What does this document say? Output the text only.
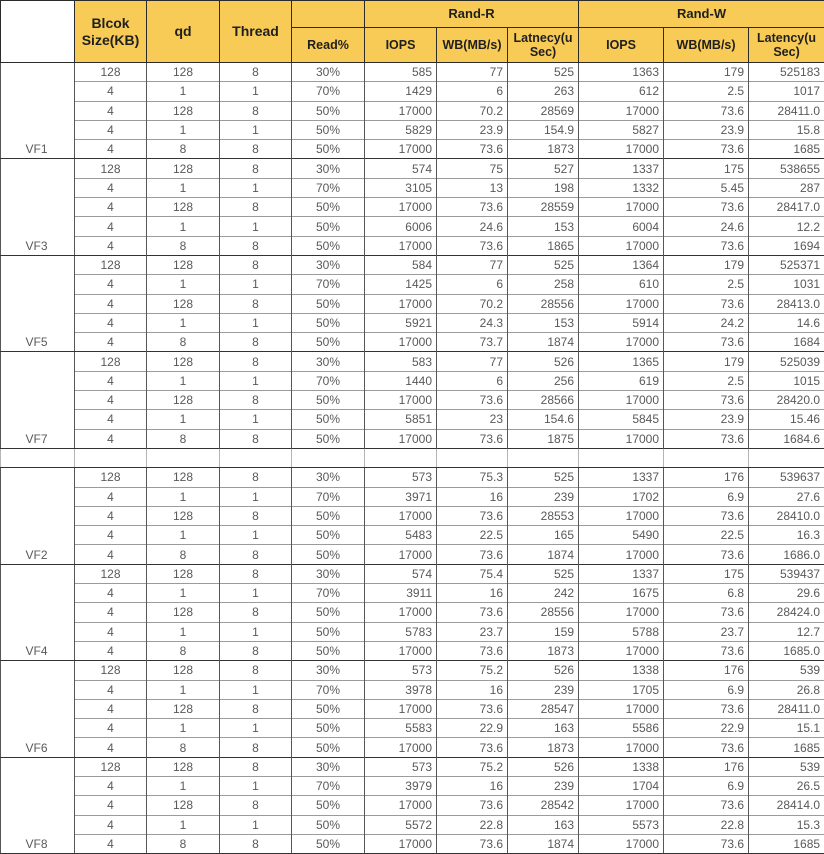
	Blcok Size(KB)	qd	Thread		Rand-R			Rand-W		
				Read%	IOPS	WB(MB/s)	Latnecy(u Sec)	IOPS	WB(MB/s)	Latency(u Sec)
VF1	128	128	8	30%	585	77	525	1363	179	525183
	4	1	1	70%	1429	6	263	612	2.5	1017
	4	128	8	50%	17000	70.2	28569	17000	73.6	28411.0
	4	1	1	50%	5829	23.9	154.9	5827	23.9	15.8
	4	8	8	50%	17000	73.6	1873	17000	73.6	1685
VF3	128	128	8	30%	574	75	527	1337	175	538655
	4	1	1	70%	3105	13	198	1332	5.45	287
	4	128	8	50%	17000	73.6	28559	17000	73.6	28417.0
	4	1	1	50%	6006	24.6	153	6004	24.6	12.2
	4	8	8	50%	17000	73.6	1865	17000	73.6	1694
VF5	128	128	8	30%	584	77	525	1364	179	525371
	4	1	1	70%	1425	6	258	610	2.5	1031
	4	128	8	50%	17000	70.2	28556	17000	73.6	28413.0
	4	1	1	50%	5921	24.3	153	5914	24.2	14.6
	4	8	8	50%	17000	73.7	1874	17000	73.6	1684
VF7	128	128	8	30%	583	77	526	1365	179	525039
	4	1	1	70%	1440	6	256	619	2.5	1015
	4	128	8	50%	17000	73.6	28566	17000	73.6	28420.0
	4	1	1	50%	5851	23	154.6	5845	23.9	15.46
	4	8	8	50%	17000	73.6	1875	17000	73.6	1684.6

VF2	128	128	8	30%	573	75.3	525	1337	176	539637
	4	1	1	70%	3971	16	239	1702	6.9	27.6
	4	128	8	50%	17000	73.6	28553	17000	73.6	28410.0
	4	1	1	50%	5483	22.5	165	5490	22.5	16.3
	4	8	8	50%	17000	73.6	1874	17000	73.6	1686.0
VF4	128	128	8	30%	574	75.4	525	1337	175	539437
	4	1	1	70%	3911	16	242	1675	6.8	29.6
	4	128	8	50%	17000	73.6	28556	17000	73.6	28424.0
	4	1	1	50%	5783	23.7	159	5788	23.7	12.7
	4	8	8	50%	17000	73.6	1873	17000	73.6	1685.0
VF6	128	128	8	30%	573	75.2	526	1338	176	539
	4	1	1	70%	3978	16	239	1705	6.9	26.8
	4	128	8	50%	17000	73.6	28547	17000	73.6	28411.0
	4	1	1	50%	5583	22.9	163	5586	22.9	15.1
	4	8	8	50%	17000	73.6	1873	17000	73.6	1685
VF8	128	128	8	30%	573	75.2	526	1338	176	539
	4	1	1	70%	3979	16	239	1704	6.9	26.5
	4	128	8	50%	17000	73.6	28542	17000	73.6	28414.0
	4	1	1	50%	5572	22.8	163	5573	22.8	15.3
	4	8	8	50%	17000	73.6	1874	17000	73.6	1685
